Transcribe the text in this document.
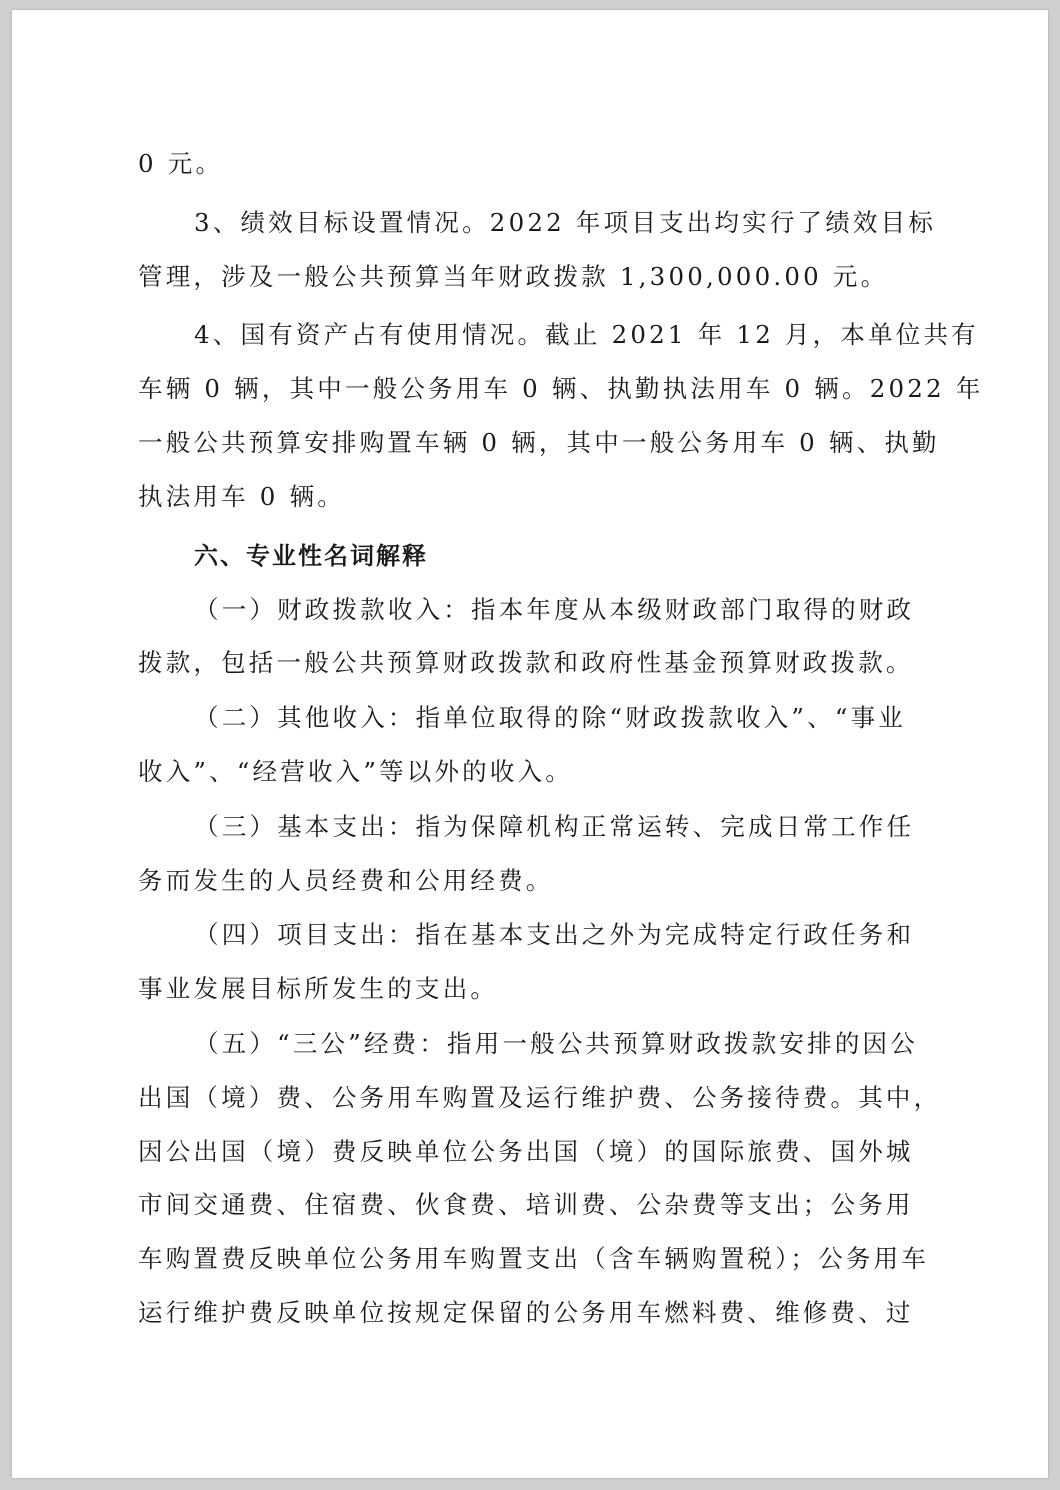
0 元。

3、绩效目标设置情况。2022 年项目支出均实行了绩效目标

管理，涉及一般公共预算当年财政拨款 1,300,000.00 元。

4、国有资产占有使用情况。截止 2021 年 12 月，本单位共有

车辆 0 辆，其中一般公务用车 0 辆、执勤执法用车 0 辆。2022 年

一般公共预算安排购置车辆 0 辆，其中一般公务用车 0 辆、执勤

执法用车 0 辆。

六、专业性名词解释

（一）财政拨款收入：指本年度从本级财政部门取得的财政

拨款，包括一般公共预算财政拨款和政府性基金预算财政拨款。

（二）其他收入：指单位取得的除“财政拨款收入”、“事业

收入”、“经营收入”等以外的收入。

（三）基本支出：指为保障机构正常运转、完成日常工作任

务而发生的人员经费和公用经费。

（四）项目支出：指在基本支出之外为完成特定行政任务和

事业发展目标所发生的支出。

（五）“三公”经费：指用一般公共预算财政拨款安排的因公

出国（境）费、公务用车购置及运行维护费、公务接待费。其中，

因公出国（境）费反映单位公务出国（境）的国际旅费、国外城

市间交通费、住宿费、伙食费、培训费、公杂费等支出；公务用

车购置费反映单位公务用车购置支出（含车辆购置税）；公务用车

运行维护费反映单位按规定保留的公务用车燃料费、维修费、过
